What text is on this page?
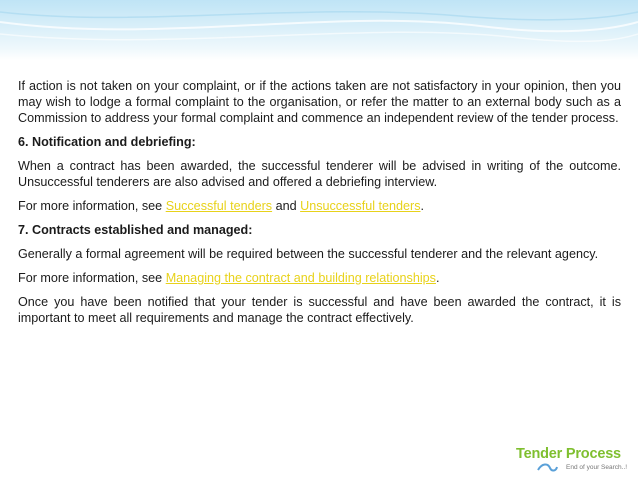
If action is not taken on your complaint, or if the actions taken are not satisfactory in your opinion, then you may wish to lodge a formal complaint to the organisation, or refer the matter to an external body such as a Commission to address your formal complaint and commence an independent review of the tender process.

6. Notification and debriefing:

When a contract has been awarded, the successful tenderer will be advised in writing of the outcome. Unsuccessful tenderers are also advised and offered a debriefing interview.

For more information, see Successful tenders and Unsuccessful tenders.

7. Contracts established and managed:

Generally a formal agreement will be required between the successful tenderer and the relevant agency.

For more information, see Managing the contract and building relationships.

Once you have been notified that your tender is successful and have been awarded the contract, it is important to meet all requirements and manage the contract effectively.

Tender Process
End of your Search..!
